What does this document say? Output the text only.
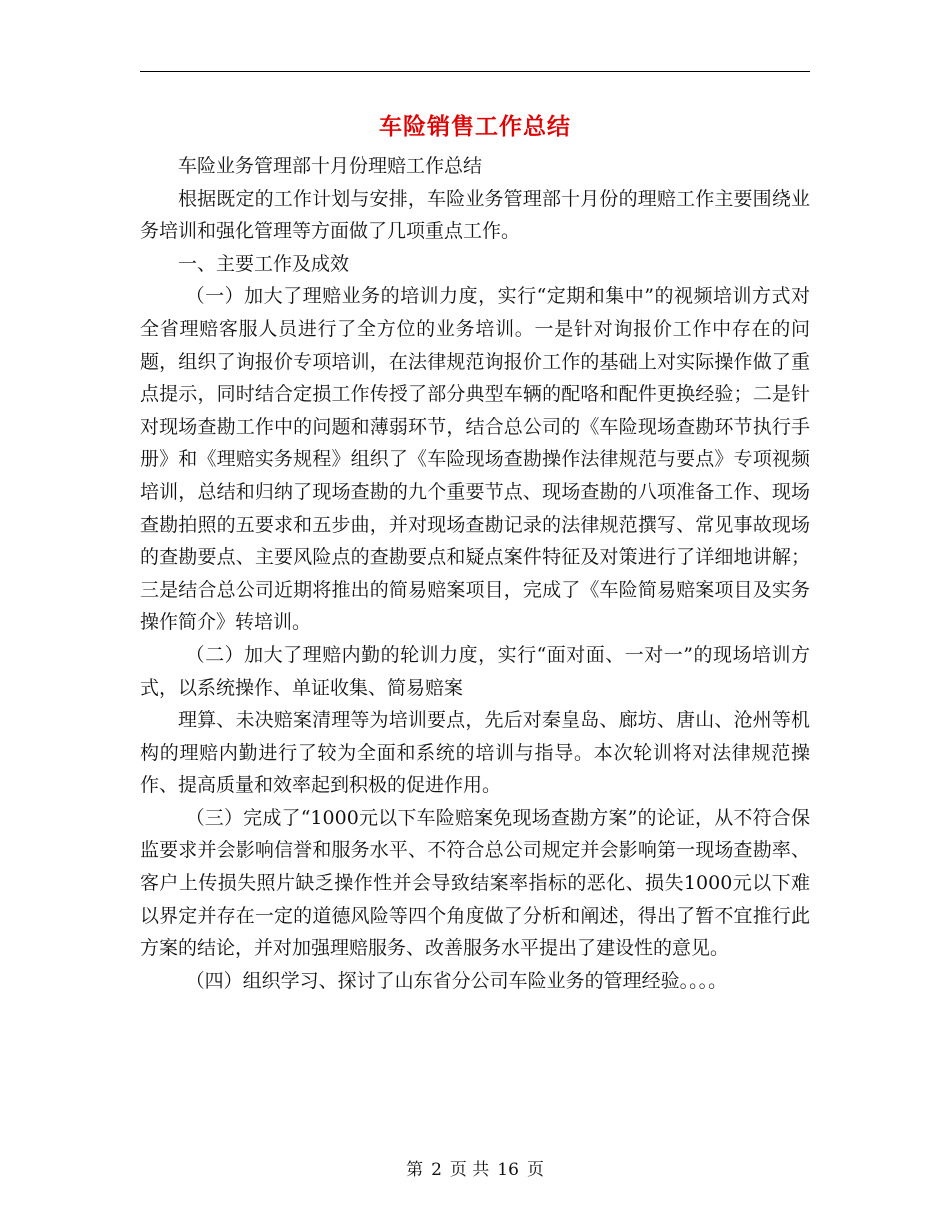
车险销售工作总结

车险业务管理部十月份理赔工作总结

根据既定的工作计划与安排，车险业务管理部十月份的理赔工作主要围绕业务培训和强化管理等方面做了几项重点工作。

一、主要工作及成效

（一）加大了理赔业务的培训力度，实行“定期和集中”的视频培训方式对全省理赔客服人员进行了全方位的业务培训。一是针对询报价工作中存在的问题，组织了询报价专项培训，在法律规范询报价工作的基础上对实际操作做了重点提示，同时结合定损工作传授了部分典型车辆的配咯和配件更换经验；二是针对现场查勘工作中的问题和薄弱环节，结合总公司的《车险现场查勘环节执行手册》和《理赔实务规程》组织了《车险现场查勘操作法律规范与要点》专项视频培训，总结和归纳了现场查勘的九个重要节点、现场查勘的八项准备工作、现场查勘拍照的五要求和五步曲，并对现场查勘记录的法律规范撰写、常见事故现场的查勘要点、主要风险点的查勘要点和疑点案件特征及对策进行了详细地讲解；三是结合总公司近期将推出的简易赔案项目，完成了《车险简易赔案项目及实务操作简介》转培训。

（二）加大了理赔内勤的轮训力度，实行“面对面、一对一”的现场培训方式，以系统操作、单证收集、简易赔案

理算、未决赔案清理等为培训要点，先后对秦皇岛、廊坊、唐山、沧州等机构的理赔内勤进行了较为全面和系统的培训与指导。本次轮训将对法律规范操作、提高质量和效率起到积极的促进作用。

（三）完成了“1000元以下车险赔案免现场查勘方案”的论证，从不符合保监要求并会影响信誉和服务水平、不符合总公司规定并会影响第一现场查勘率、客户上传损失照片缺乏操作性并会导致结案率指标的恶化、损失1000元以下难以界定并存在一定的道德风险等四个角度做了分析和阐述，得出了暂不宜推行此方案的结论，并对加强理赔服务、改善服务水平提出了建设性的意见。

（四）组织学习、探讨了山东省分公司车险业务的管理经验。。。。

第 2 页 共 16 页
